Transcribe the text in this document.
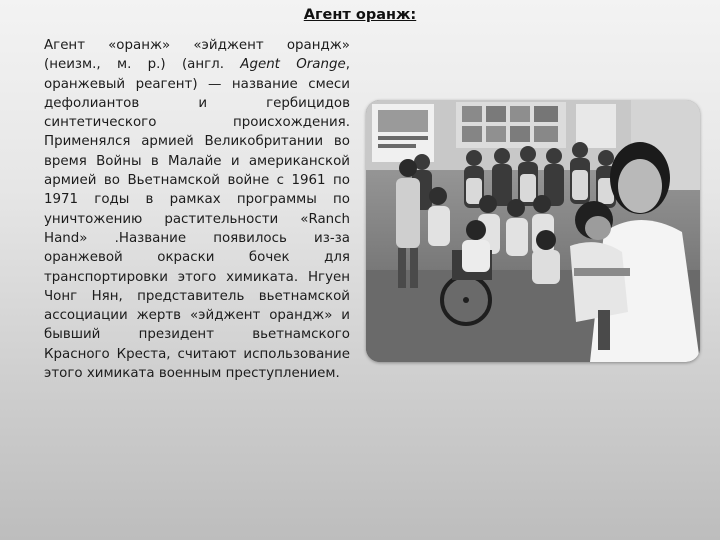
Агент оранж:
Агент «оранж» «эйджент орандж» (неизм., м. р.) (англ. Agent Orange, оранжевый реагент) — название смеси дефолиантов и гербицидов синтетического происхождения. Применялся армией Великобритании во время Войны в Малайе и американской армией во Вьетнамской войне с 1961 по 1971 годы в рамках программы по уничтожению растительности «Ranch Hand» .Название появилось из-за оранжевой окраски бочек для транспортировки этого химиката. Нгуен Чонг Нян, представитель вьетнамской ассоциации жертв «эйджент орандж» и бывший президент вьетнамского Красного Креста, считают использование этого химиката военным преступлением.
